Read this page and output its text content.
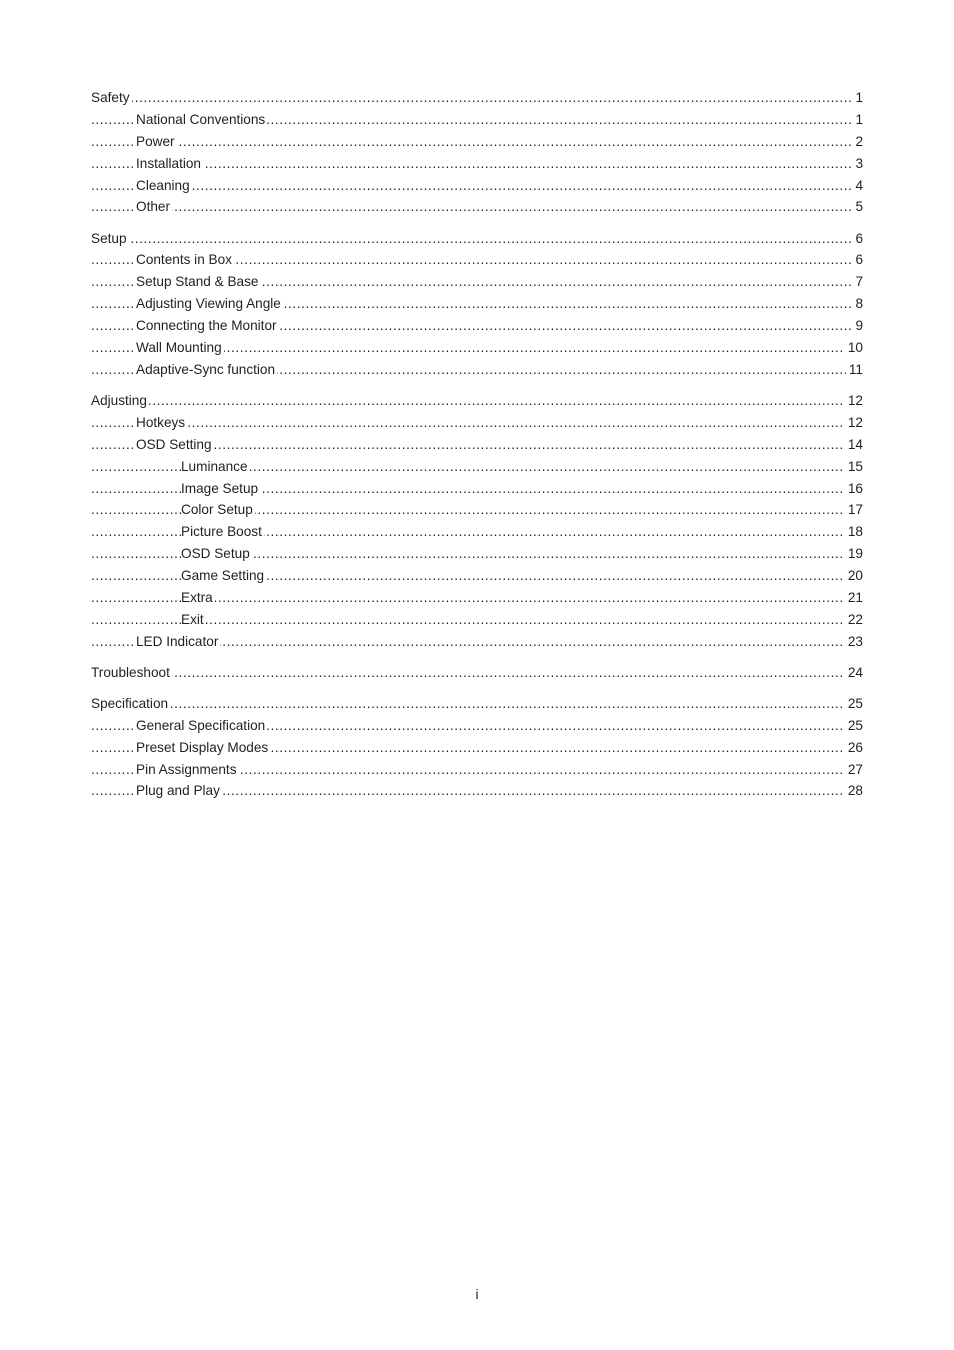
.....
Safety	1
.....
National Conventions	1
.....
Power	2
.....
Installation	3
.....
Cleaning	4
.....
Other	5
.....
Setup	6
.....
Contents in Box	6
.....
Setup Stand & Base	7
.....
Adjusting Viewing Angle	8
.....
Connecting the Monitor	9
.....
Wall Mounting	10
.....
Adaptive-Sync function	11
.....
Adjusting	12
.....
Hotkeys	12
.....
OSD Setting	14
.....
Luminance	15
.....
Image Setup	16
.....
Color Setup	17
.....
Picture Boost	18
.....
OSD Setup	19
.....
Game Setting	20
.....
Extra	21
.....
Exit	22
.....
LED Indicator	23
.....
Troubleshoot	24
.....
Specification	25
.....
General Specification	25
.....
Preset Display Modes	26
.....
Pin Assignments	27
.....
Plug and Play	28
i
